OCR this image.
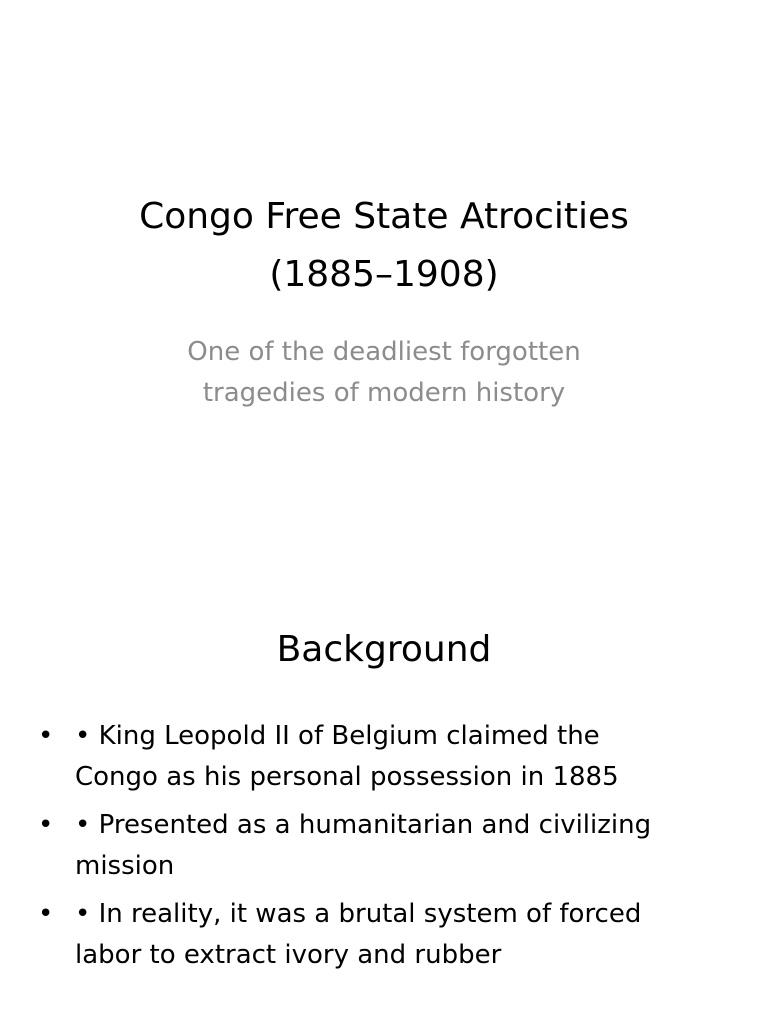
Congo Free State Atrocities
(1885–1908)

One of the deadliest forgotten
tragedies of modern history

Background
• • King Leopold II of Belgium claimed the
Congo as his personal possession in 1885
• • Presented as a humanitarian and civilizing
mission
• • In reality, it was a brutal system of forced
labor to extract ivory and rubber
